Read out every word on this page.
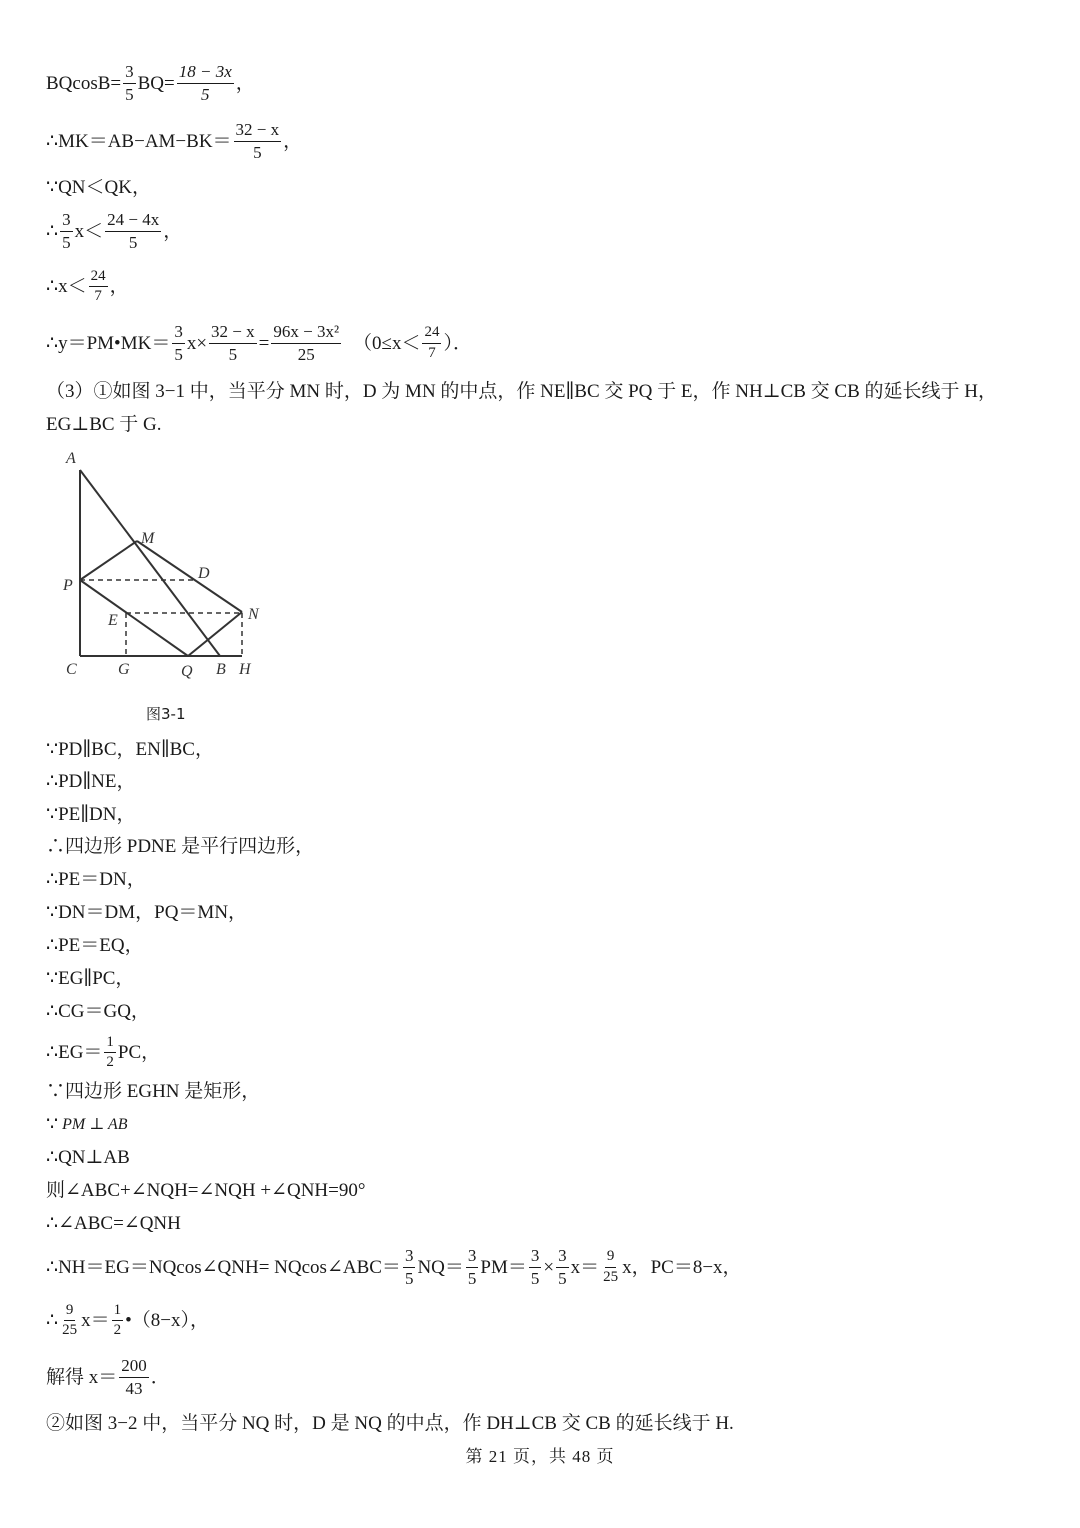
$BQcosB= \frac{3}{5} BQ= \frac{18 - 3x}{5}$ ，
∴MK＝AB−AM−BK＝ $\frac{32 - x}{5}$ ，
∵QN＜QK，
∴ $\frac{3}{5} x< \frac{24 - 4x}{5}$ ，
∴x＜ $\frac{24}{7}$ ，
∴y＝PM•MK＝ $\frac{3}{5} x\times \frac{32 - x}{5} = \frac{\text{96x − 3x²}}{25} (0\le x< \frac{24}{7}$ ）．
（3）①如图 3−1 中，当平分 MN 时，D 为 MN 的中点，作 NE∥BC 交 PQ 于 E，作 NH⊥CB 交 CB 的延长线于 H，
EG⊥BC 于 G.
A
M
D
P
N
E
C	G	Q B H
图3-1
∵PD∥BC，EN∥BC，
∴PD∥NE，
∵PE∥DN，
∴四边形 PDNE 是平行四边形，
∴PE＝DN，
∵DN＝DM，PQ＝MN，
∴PE＝EQ，
∵EG∥PC，
∴CG＝GQ，
∴EG＝ $\frac{1}{2}$ PC，
∵四边形 EGHN 是矩形，
∵ PM ⊥ AB
∴QN⊥AB
则∠ABC+∠NQH=∠NQH +∠QNH=90°
∴∠ABC=∠QNH
∴NH＝EG＝NQcos∠QNH= NQcos∠ABC＝ $\frac{3}{5} NQ= \frac{3}{5} PM= \frac{3}{5} \times \frac{3}{5} x= \frac{9}{25}$ x，PC＝8−x，
∴ $\frac{9}{25} x= \frac{1}{2}$ •（8−x），
解得 $x= \frac{200}{43}$ ．
②如图 3−2 中，当平分 NQ 时，D 是 NQ 的中点，作 DH⊥CB 交 CB 的延长线于 H.
第 21 页，共 48 页
